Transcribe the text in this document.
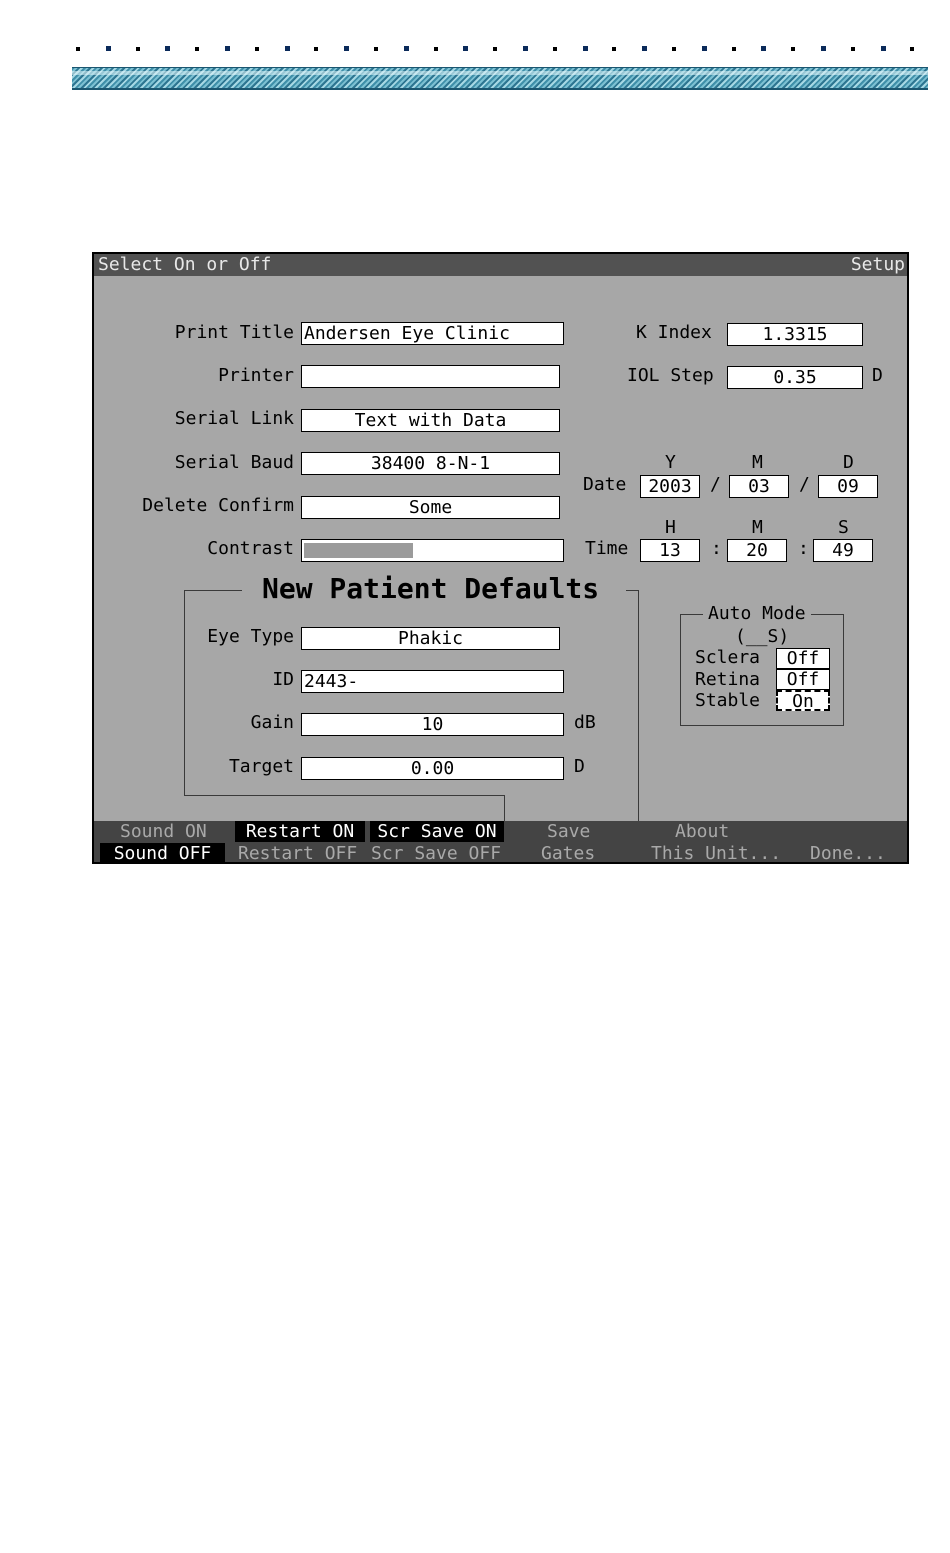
Select On or Off	Setup
Print Title Andersen Eye Clinic
Printer
Serial Link	Text with Data
Serial Baud	38400 8-N-1
Delete Confirm	Some
Contrast
K Index	1.3315
IOL Step	0.35	D
Y	M	D
Date	2003	/	03	/	09
H	M	S
Time	13	:	20	:	49
New Patient Defaults
Eye Type	Phakic
ID 2443-
Gain	10	dB
Target	0.00	D
Auto Mode
(__S)
Sclera	Off
Retina	Off
Stable	On
Sound ON
Sound OFF
Restart ON
Restart OFF
Scr Save ON
Scr Save OFF
Save
Gates
About
This Unit... Done...
